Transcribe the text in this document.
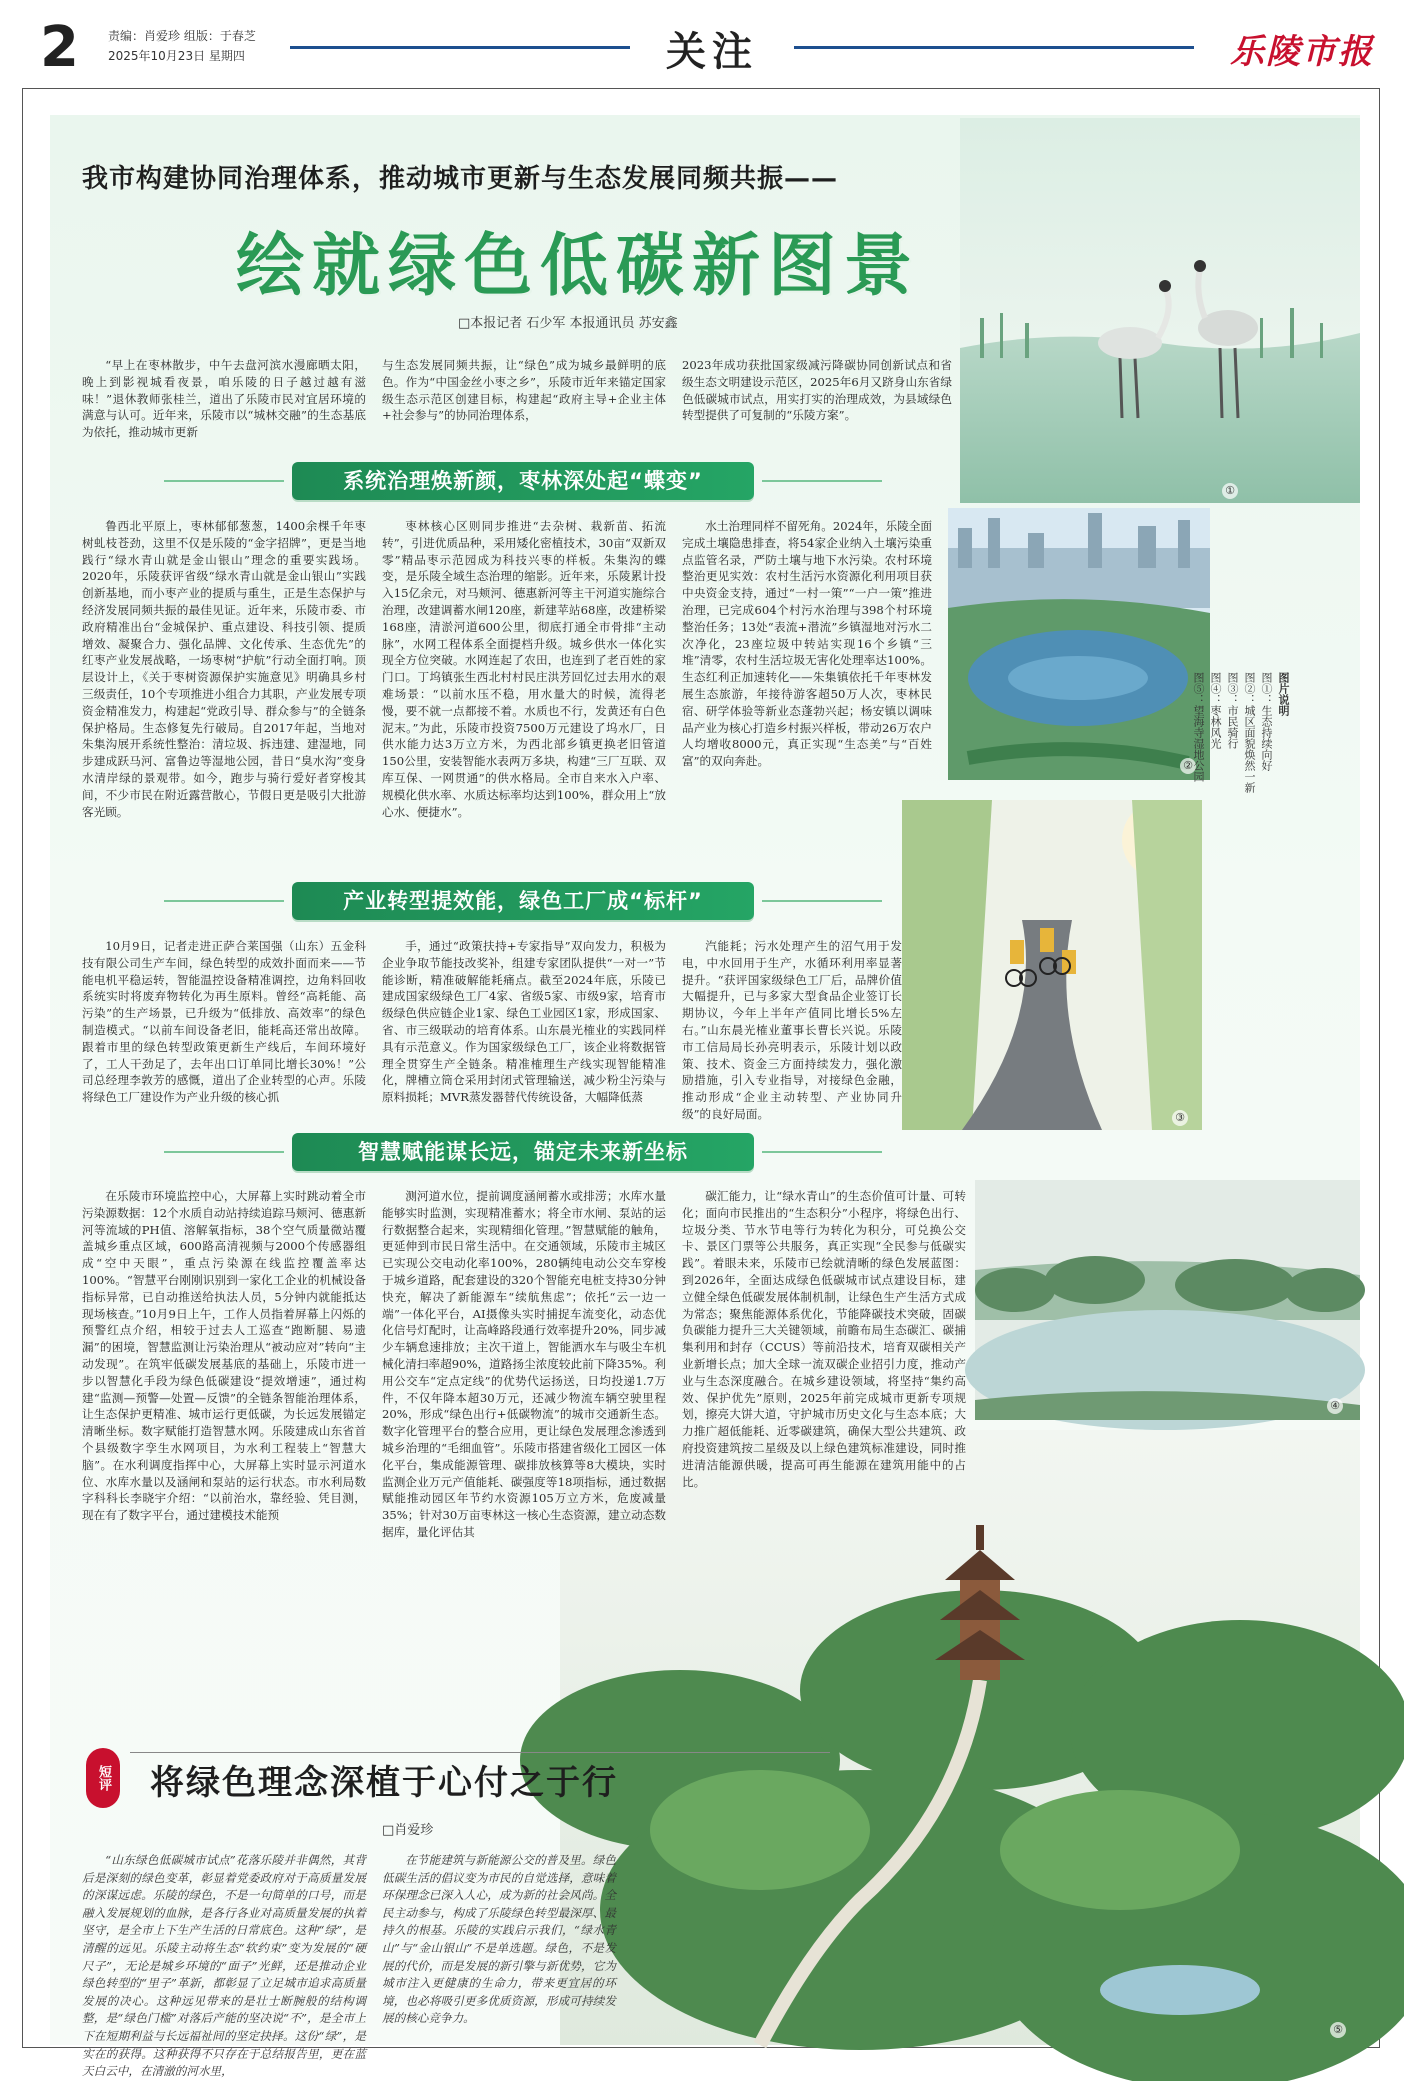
2 责编：肖爱珍 组版：于春芝
2025年10月23日 星期四	关注	乐陵市报
①
②
③
④
⑤
我市构建协同治理体系，推动城市更新与生态发展同频共振——
绘就绿色低碳新图景
□本报记者 石少军 本报通讯员 苏安鑫

“早上在枣林散步，中午去盘河滨水漫廊晒太阳，晚上到影视城看夜景，咱乐陵的日子越过越有滋味！”退休教师张桂兰，道出了乐陵市民对宜居环境的满意与认可。近年来，乐陵市以“城林交融”的生态基底为依托，推动城市更新

与生态发展同频共振，让“绿色”成为城乡最鲜明的底色。作为“中国金丝小枣之乡”，乐陵市近年来锚定国家级生态示范区创建目标，构建起“政府主导+企业主体+社会参与”的协同治理体系，

2023年成功获批国家级减污降碳协同创新试点和省级生态文明建设示范区，2025年6月又跻身山东省绿色低碳城市试点，用实打实的治理成效，为县域绿色转型提供了可复制的“乐陵方案”。

系统治理焕新颜，枣林深处起“蝶变”

鲁西北平原上，枣林郁郁葱葱，1400余棵千年枣树虬枝苍劲，这里不仅是乐陵的“金字招牌”，更是当地践行“绿水青山就是金山银山”理念的重要实践场。2020年，乐陵获评省级“绿水青山就是金山银山”实践创新基地，而小枣产业的提质与重生，正是生态保护与经济发展同频共振的最佳见证。近年来，乐陵市委、市政府精准出台“金城保护、重点建设、科技引领、提质增效、凝聚合力、强化品牌、文化传承、生态优先”的红枣产业发展战略，一场枣树“护航”行动全面打响。顶层设计上，《关于枣树资源保护实施意见》明确具乡村三级责任，10个专项推进小组合力其职，产业发展专项资金精准发力，构建起“党政引导、群众参与”的全链条保护格局。生态修复先行破局。自2017年起，当地对朱集沟展开系统性整治：清垃圾、拆违建、建湿地，同步建成跃马河、富鲁边等湿地公园，昔日“臭水沟”变身水清岸绿的景观带。如今，跑步与骑行爱好者穿梭其间，不少市民在附近露营散心，节假日更是吸引大批游客光顾。

枣林核心区则同步推进“去杂树、栽新苗、拓流转”，引进优质品种，采用矮化密植技术，30亩“双新双零”精品枣示范园成为科技兴枣的样板。朱集沟的蝶变，是乐陵全域生态治理的缩影。近年来，乐陵累计投入15亿余元，对马颊河、德惠新河等主干河道实施综合治理，改建调蓄水闸120座，新建苹站68座，改建桥梁168座，清淤河道600公里，彻底打通全市骨排“主动脉”，水网工程体系全面提档升级。城乡供水一体化实现全方位突破。水网连起了农田，也连到了老百姓的家门口。丁坞镇张生西北村村民庄洪芳回忆过去用水的艰难场景：“以前水压不稳，用水量大的时候，流得老慢，要不就一点都接不着。水质也不行，发黄还有白色泥末。”为此，乐陵市投资7500万元建设了坞水厂，日供水能力达3万立方米，为西北部乡镇更换老旧管道150公里，安装智能水表两万多块，构建“三厂互联、双库互保、一网贯通”的供水格局。全市自来水入户率、规模化供水率、水质达标率均达到100%，群众用上“放心水、便捷水”。

水土治理同样不留死角。2024年，乐陵全面完成土壤隐患排查，将54家企业纳入土壤污染重点监管名录，严防土壤与地下水污染。农村环境整治更见实效：农村生活污水资源化利用项目获中央资金支持，通过“一村一策”“一户一策”推进治理，已完成604个村污水治理与398个村环境整治任务；13处“表流+潜流”乡镇湿地对污水二次净化，23座垃圾中转站实现16个乡镇“三堆”清零，农村生活垃圾无害化处理率达100%。生态红利正加速转化——朱集镇依托千年枣林发展生态旅游，年接待游客超50万人次，枣林民宿、研学体验等新业态蓬勃兴起；杨安镇以调味品产业为核心打造乡村振兴样板，带动26万农户人均增收8000元，真正实现“生态美”与“百姓富”的双向奔赴。

产业转型提效能，绿色工厂成“标杆”

10月9日，记者走进正萨合莱国强（山东）五金科技有限公司生产车间，绿色转型的成效扑面而来——节能电机平稳运转，智能温控设备精准调控，边角料回收系统实时将废弃物转化为再生原料。曾经“高耗能、高污染”的生产场景，已升级为“低排放、高效率”的绿色制造模式。“以前车间设备老旧，能耗高还常出故障。跟着市里的绿色转型政策更新生产线后，车间环境好了，工人干劲足了，去年出口订单同比增长30%！”公司总经理李敦芳的感慨，道出了企业转型的心声。乐陵将绿色工厂建设作为产业升级的核心抓

手，通过“政策扶持+专家指导”双向发力，积极为企业争取节能技改奖补，组建专家团队提供“一对一”节能诊断，精准破解能耗痛点。截至2024年底，乐陵已建成国家级绿色工厂4家、省级5家、市级9家，培育市级绿色供应链企业1家、绿色工业园区1家，形成国家、省、市三级联动的培育体系。山东晨光榷业的实践同样具有示范意义。作为国家级绿色工厂，该企业将数据管理全贯穿生产全链条。精准榷理生产线实现智能精准化，牌槽立筒仓采用封闭式管理输送，减少粉尘污染与原料损耗；MVR蒸发器替代传统设备，大幅降低蒸

汽能耗；污水处理产生的沼气用于发电，中水回用于生产，水循环利用率显著提升。“获评国家级绿色工厂后，品牌价值大幅提升，已与多家大型食品企业签订长期协议，今年上半年产值同比增长5%左右。”山东晨光榷业董事长曹长兴说。乐陵市工信局局长孙亮明表示，乐陵计划以政策、技术、资金三方面持续发力，强化激励措施，引入专业指导，对接绿色金融，推动形成“企业主动转型、产业协同升级”的良好局面。

智慧赋能谋长远，锚定未来新坐标

在乐陵市环境监控中心，大屏幕上实时跳动着全市污染源数据：12个水质自动站持续追踪马颊河、德惠新河等流域的PH值、溶解氧指标，38个空气质量微站覆盖城乡重点区域，600路高清视频与2000个传感器组成“空中天眼”，重点污染源在线监控覆盖率达100%。“智慧平台刚刚识别到一家化工企业的机械设备指标异常，已自动推送给执法人员，5分钟内就能抵达现场核查。”10月9日上午，工作人员指着屏幕上闪烁的预警红点介绍，相较于过去人工巡查“跑断腿、易遗漏”的困境，智慧监测让污染治理从“被动应对”转向“主动发现”。在筑牢低碳发展基底的基础上，乐陵市进一步以智慧化手段为绿色低碳建设“提效增速”，通过构建“监测—预警—处置—反馈”的全链条智能治理体系，让生态保护更精准、城市运行更低碳，为长远发展锚定清晰坐标。数字赋能打造智慧水网。乐陵建成山东省首个县级数字孪生水网项目，为水利工程装上“智慧大脑”。在水利调度指挥中心，大屏幕上实时显示河道水位、水库水量以及涵闸和泵站的运行状态。市水利局数字科科长李晓宇介绍：“以前治水，靠经验、凭目测，现在有了数字平台，通过建模技术能预

测河道水位，提前调度涵闸蓄水或排涝；水库水量能够实时监测，实现精准蓄水；将全市水闸、泵站的运行数据整合起来，实现精细化管理。”智慧赋能的触角，更延伸到市民日常生活中。在交通领域，乐陵市主城区已实现公交电动化率100%，280辆纯电动公交车穿梭于城乡道路，配套建设的320个智能充电桩支持30分钟快充，解决了新能源车“续航焦虑”；依托“云一边一端”一体化平台，AI摄像头实时捕捉车流变化，动态优化信号灯配时，让高峰路段通行效率提升20%，同步减少车辆怠速排放；主次干道上，智能洒水车与吸尘车机械化清扫率超90%，道路扬尘浓度较此前下降35%。利用公交车“定点定线”的优势代运扬送，日均投递1.7万件，不仅年降本超30万元，还减少物流车辆空驶里程20%，形成“绿色出行+低碳物流”的城市交通新生态。数字化管理平台的整合应用，更让绿色发展理念渗透到城乡治理的“毛细血管”。乐陵市搭建省级化工园区一体化平台，集成能源管理、碳排放核算等8大模块，实时监测企业万元产值能耗、碳强度等18项指标，通过数据赋能推动园区年节约水资源105万立方米，危废减量35%；针对30万亩枣林这一核心生态资源，建立动态数据库，量化评估其

碳汇能力，让“绿水青山”的生态价值可计量、可转化；面向市民推出的“生态积分”小程序，将绿色出行、垃圾分类、节水节电等行为转化为积分，可兑换公交卡、景区门票等公共服务，真正实现“全民参与低碳实践”。着眼未来，乐陵市已绘就清晰的绿色发展蓝图：到2026年，全面达成绿色低碳城市试点建设目标，建立健全绿色低碳发展体制机制，让绿色生产生活方式成为常态；聚焦能源体系优化，节能降碳技术突破，固碳负碳能力提升三大关键领域，前瞻布局生态碳汇、碳捕集利用和封存（CCUS）等前沿技术，培育双碳相关产业新增长点；加大全球一流双碳企业招引力度，推动产业与生态深度融合。在城乡建设领域，将坚持“集约高效、保护优先”原则，2025年前完成城市更新专项规划，擦亮大饼大道，守护城市历史文化与生态本底；大力推广超低能耗、近零碳建筑，确保大型公共建筑、政府投资建筑按二星级及以上绿色建筑标准建设，同时推进清洁能源供暖，提高可再生能源在建筑用能中的占比。

图片说明
图①：生态持续向好
图②：城区面貌焕然一新
图③：市民骑行
图④：枣林风光
图⑤：望海寺湿地公园
短评 将绿色理念深植于心付之于行
□肖爱珍

“山东绿色低碳城市试点”花落乐陵并非偶然，其背后是深刻的绿色变革，彰显着党委政府对于高质量发展的深谋远虑。乐陵的绿色，不是一句简单的口号，而是融入发展规划的血脉，是各行各业对高质量发展的执着坚守，是全市上下生产生活的日常底色。这种“绿”，是清醒的远见。乐陵主动将生态“软约束”变为发展的“硬尺子”，无论是城乡环境的“面子”光鲜，还是推动企业绿色转型的“里子”革新，都彰显了立足城市追求高质量发展的决心。这种远见带来的是壮士断腕般的结构调整，是“绿色门槛”对落后产能的坚决说“不”，是全市上下在短期利益与长远福祉间的坚定抉择。这份“绿”，是实在的获得。这种获得不只存在于总结报告里，更在蓝天白云中，在清澈的河水里，

在节能建筑与新能源公交的普及里。绿色低碳生活的倡议变为市民的自觉选择，意味着环保理念已深入人心，成为新的社会风尚。全民主动参与，构成了乐陵绿色转型最深厚、最持久的根基。乐陵的实践启示我们，“绿水青山”与“金山银山”不是单选题。绿色，不是发展的代价，而是发展的新引擎与新优势，它为城市注入更健康的生命力，带来更宜居的环境，也必将吸引更多优质资源，形成可持续发展的核心竞争力。
